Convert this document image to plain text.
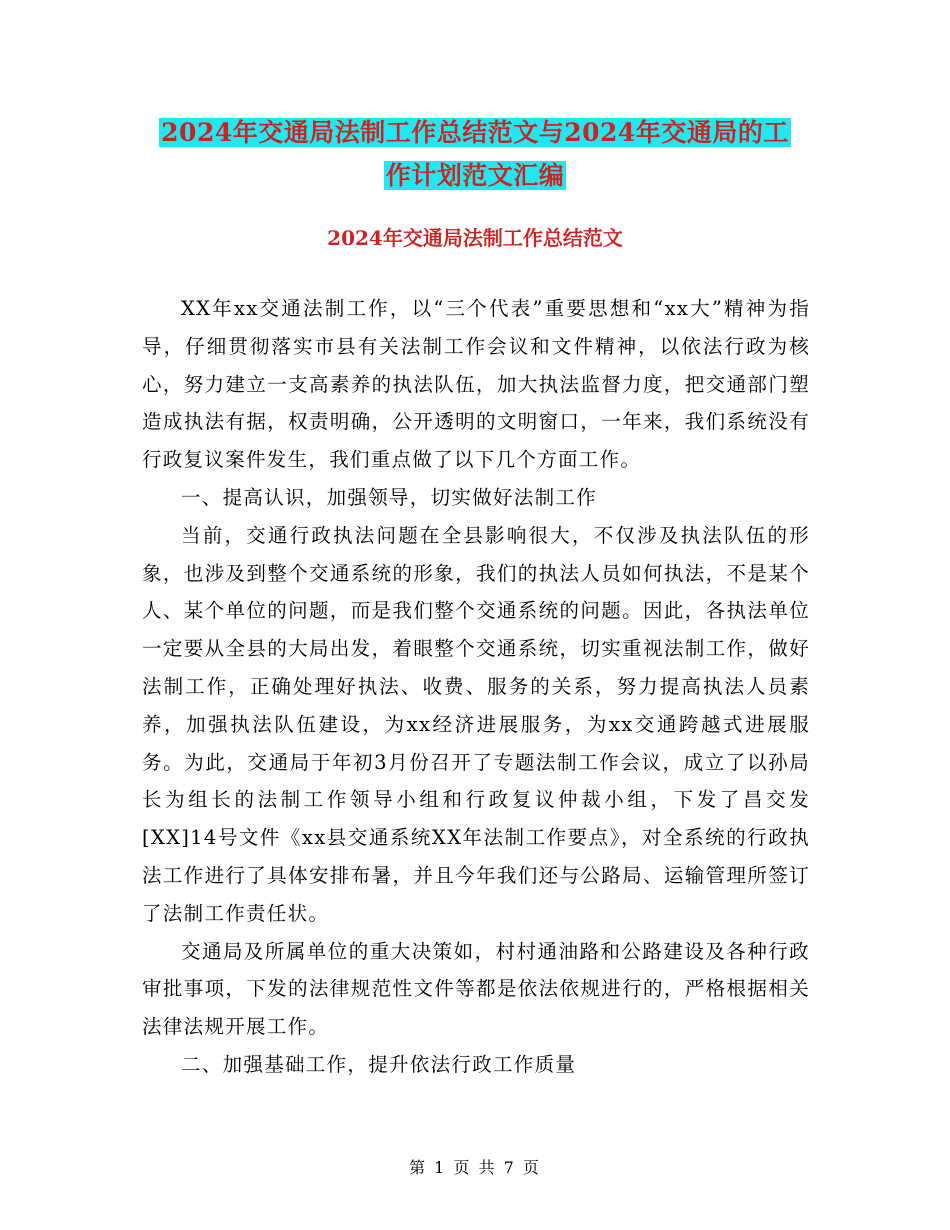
2024年交通局法制工作总结范文与2024年交通局的工
作计划范文汇编
2024年交通局法制工作总结范文

XX年xx交通法制工作，以“三个代表”重要思想和“xx大”精神为指导，仔细贯彻落实市县有关法制工作会议和文件精神，以依法行政为核心，努力建立一支高素养的执法队伍，加大执法监督力度，把交通部门塑造成执法有据，权责明确，公开透明的文明窗口，一年来，我们系统没有行政复议案件发生，我们重点做了以下几个方面工作。

一、提高认识，加强领导，切实做好法制工作

当前，交通行政执法问题在全县影响很大，不仅涉及执法队伍的形象，也涉及到整个交通系统的形象，我们的执法人员如何执法，不是某个人、某个单位的问题，而是我们整个交通系统的问题。因此，各执法单位一定要从全县的大局出发，着眼整个交通系统，切实重视法制工作，做好法制工作，正确处理好执法、收费、服务的关系，努力提高执法人员素养，加强执法队伍建设，为xx经济进展服务，为xx交通跨越式进展服务。为此，交通局于年初3月份召开了专题法制工作会议，成立了以孙局长为组长的法制工作领导小组和行政复议仲裁小组，下发了昌交发[XX]14号文件《xx县交通系统XX年法制工作要点》，对全系统的行政执法工作进行了具体安排布暑，并且今年我们还与公路局、运输管理所签订了法制工作责任状。

交通局及所属单位的重大决策如，村村通油路和公路建设及各种行政审批事项，下发的法律规范性文件等都是依法依规进行的，严格根据相关法律法规开展工作。

二、加强基础工作，提升依法行政工作质量

第 1 页 共 7 页
